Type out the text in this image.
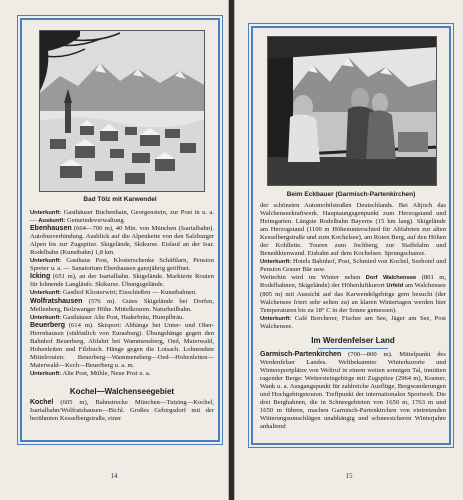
Bad Tölz mit Karwendel

Unterkunft: Gasthäuser Buchenhain, Georgenstein, zur Post in u. a. — Auskunft: Gemeindeverwaltung.

Ebenhausen (664—700 m), 40 Min. von München (Isartalbahn). Autobusverbindung. Ausblick auf die Alpenkette von den Salzburger Alpen bis zur Zugspitze. Skigelände, Skikurse. Eislauf an der Isar. Rodelbahn (Kunstbahn) 1,8 km.

Unterkunft: Gasthaus Post, Klosterschenke Schäftlarn, Pension Spreter u. a. — Sanatorium Ebenhausen ganzjährig geöffnet.

Icking (651 m), an der Isartalbahn. Skigelände. Markierte Routen für lohnende Langläufe. Skikurse. Übungsgelände.

Unterkunft: Gasthof Klosterwirt; Eisschießen — Kunstbahnen.

Wolfratshausen (576 m). Gutes Skigelände bei Dorfen, Meilenberg, Bolzwanger Höhe. Mittelkouren. Naturheilbahn.

Unterkunft: Gasthäuser Alte Post, Haderbräu, Humplbräu.

Beuerberg (614 m). Skisport: Abhänge bei Unter- und Ober-Herrnhausen (südöstlich von Eurasburg). Übungshänge gegen den Bahnhof Beuerberg. Abfahrt bei Wammensberg, Oed, Maierwald, Hohenleiten und Filzbuch. Hänge gegen die Loisach. Lohnendste Mittelrouten: Beuerberg—Wammensberg—Oed—Hohenleiten—Maierwald—Kech—Beuerberg u. a. m.

Unterkunft: Alte Post, Mühle, Neue Post u. a.

Kochel—Walchenseegebiet

Kochel (605 m), Bahnstrecke München—Tutzing—Kochel, Isartalbahn/Wolfratshausen—Bichl. Großes Gebirgsdorf mit der berühmten Kesselbergstraße, einer

14
Beim Eckbauer (Garmisch-Partenkirchen)

der schönsten Automobilstraßen Deutschlands. Bei Altjoch das Walchenseekraftwerk. Hauptaungsgenpunkt zum Herzogstand und Heimgarten. Längste Rodelbahn Bayerns (15 km lang). Skigelände am Herzogstand (1100 m Höhenunterschied für Abfahrten zur alten Kesselbergstraße und zum Kochelsee), am Roten Berg, auf den Höhen der Kohlleite. Touren zum Jochberg, zur Staffelalm und Benediktenwand. Eisbahn auf dem Kochelsee. Sprungschanze.

Unterkunft: Hotels Bahnhof, Post, Schmied von Kochel, Seehotel und Pension Grauer Bär usw.

Weiterhin wird im Winter neben Dorf Walchensee (801 m, Rodelbahnen, Skigelände) der Höhenluftkurort Urfeld am Walchensee (805 m) mit Aussicht auf das Karwendelgebirge gern besucht (der Walchensee friert sehr selten zu) an klaren Wintertagen werden hier Temperaturen bis zu 18° C in der Sonne gemessen).

Unterkunft: Café Borcherer, Fischer am See, Jäger am See, Post Walchensee.

Im Werdenfelser Land

Garmisch-Partenkirchen (700—800 m). Mittelpunkt des Werdenfelser Landes. Weltbekannter Winterkurorte und Wintersportplätze von Weltruf in einem weiten sonnigen Tal, inmitten ragender Berge: Wettersteingebirge mit Zugspitze (2964 m), Kramer, Wank u. a. Ausgangspunkt für zahlreiche Ausflüge, Bergwanderungen und Hochgebirgstouren. Treffpunkt der internationalen Sportwelt. Die drei Berghahnen, die in Schneegebieten von 1650 m, 1763 m und 1650 m führen, machen Garmisch-Partenkirchen von eintretenden Witterungsumschlägen unabhängig und schneesicheren Winterjahre anhaltend

15
